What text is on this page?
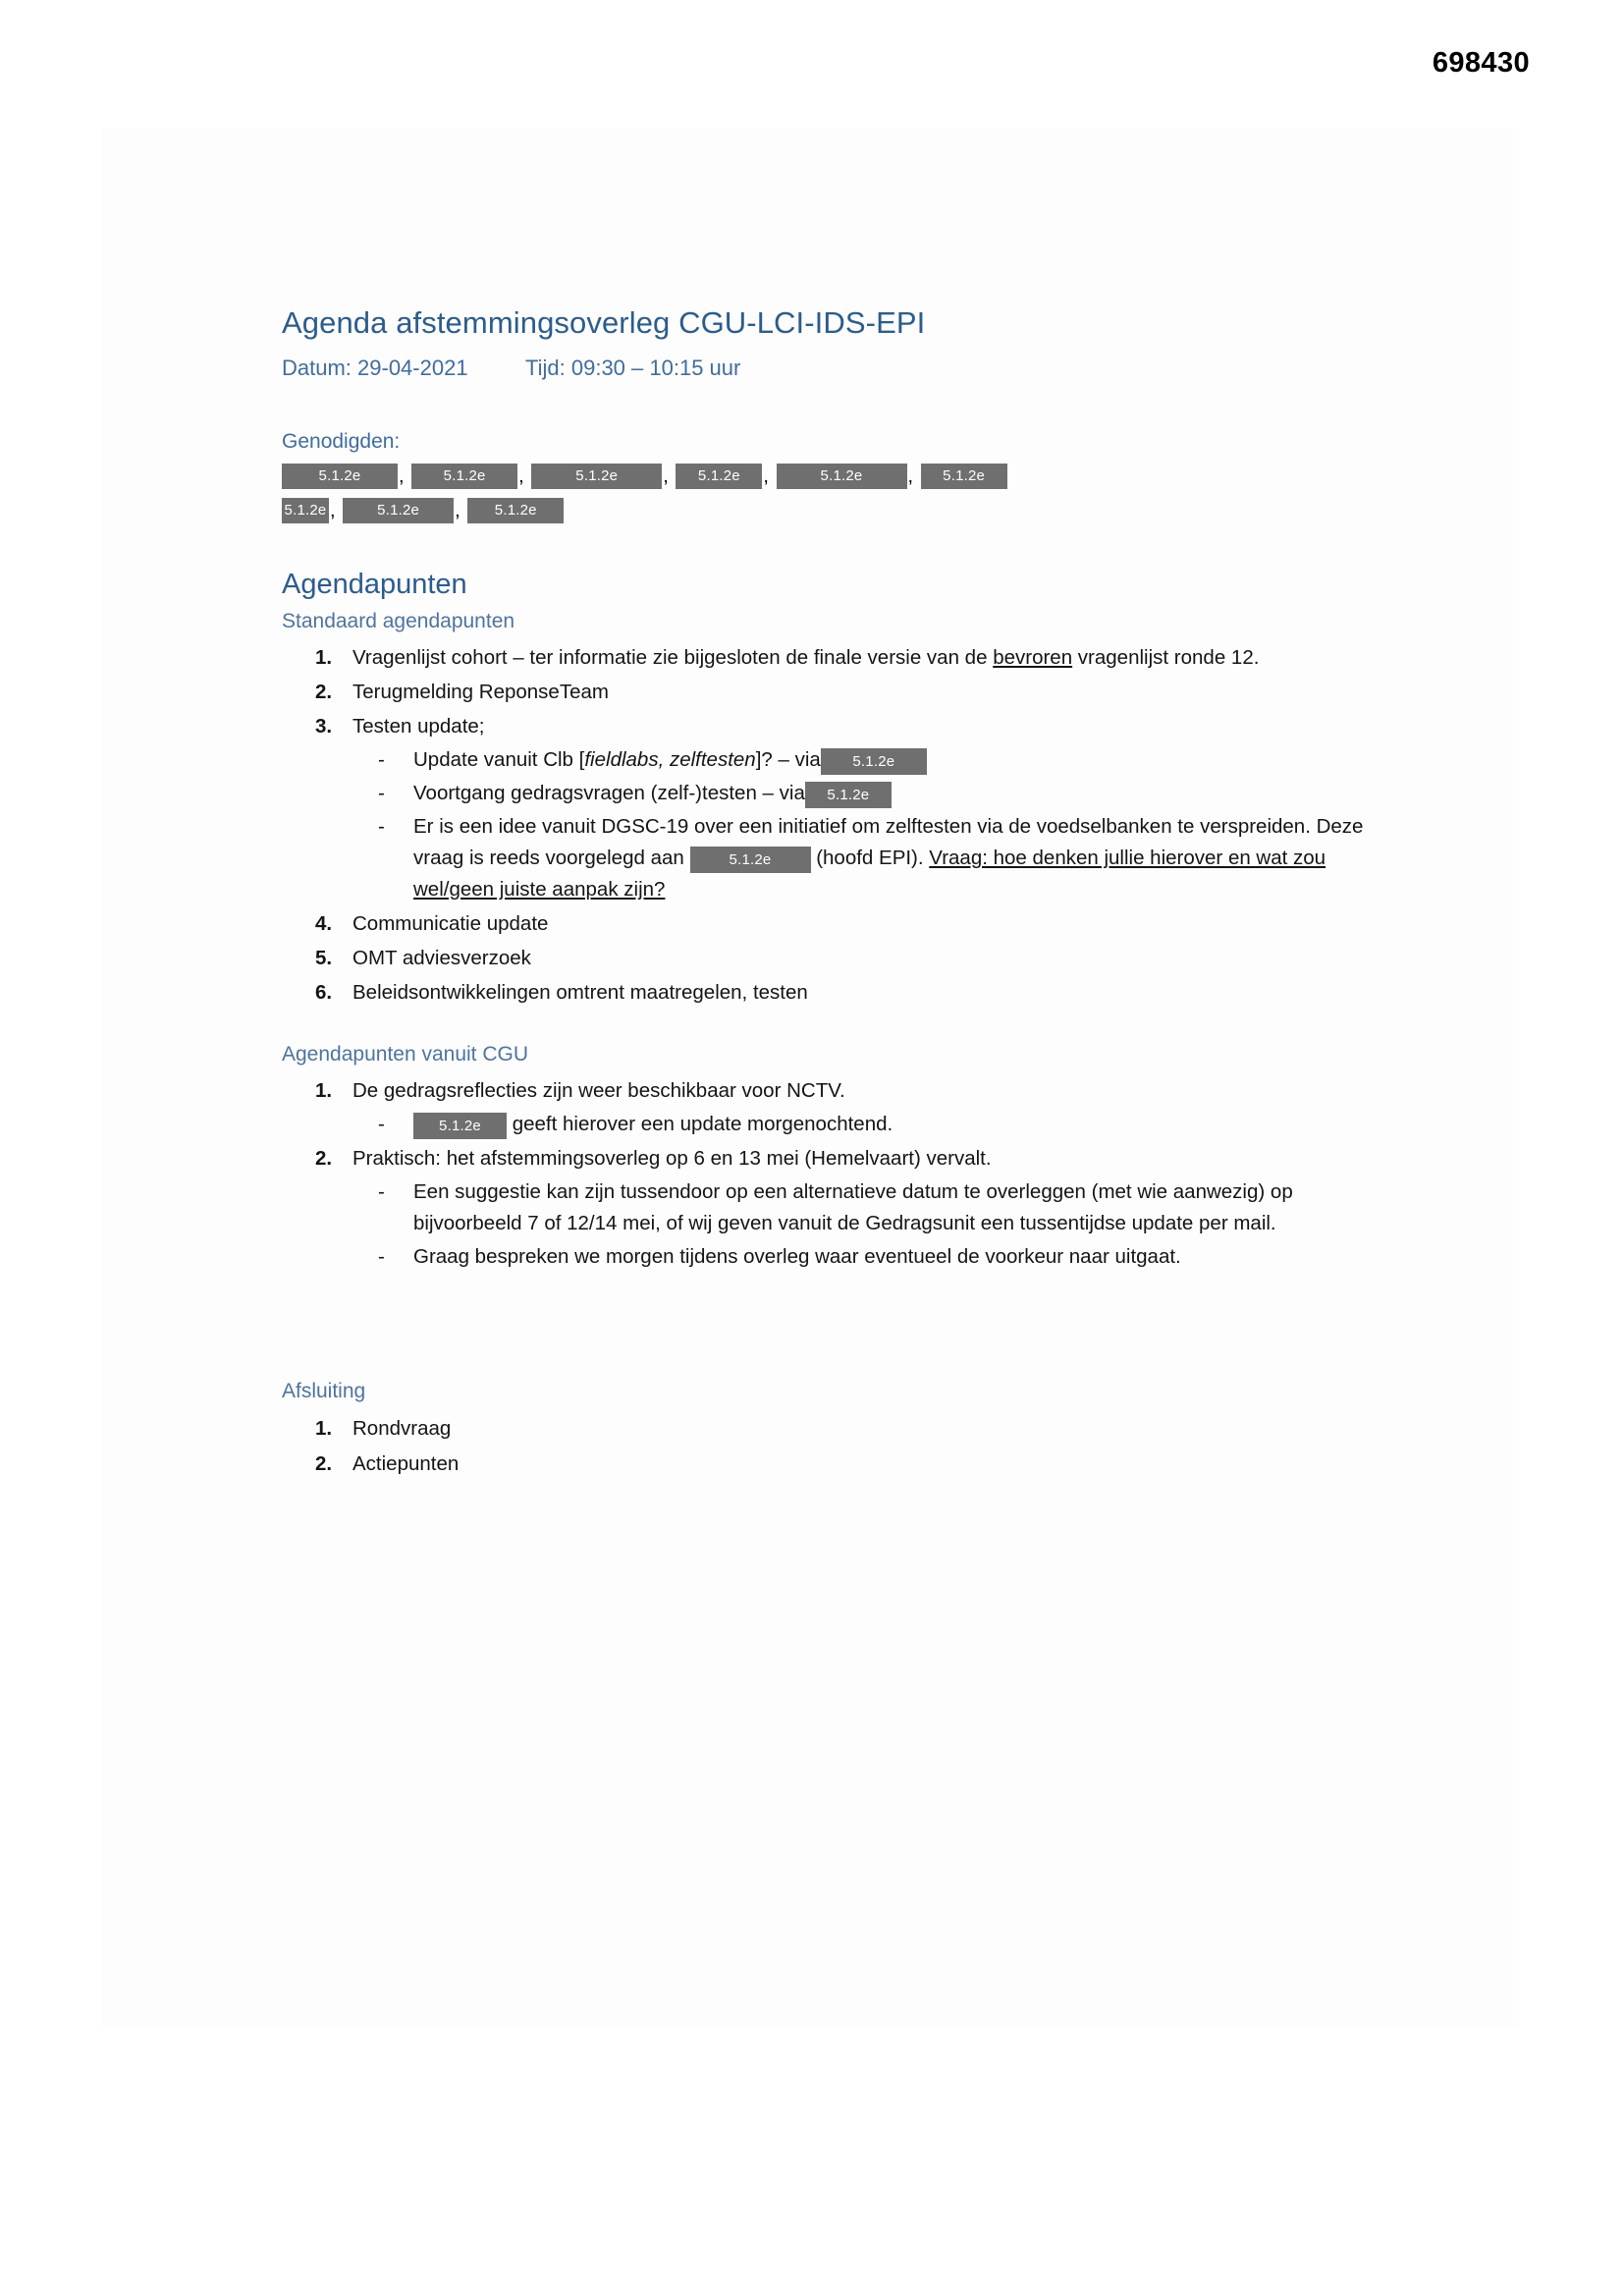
698430
Agenda afstemmingsoverleg CGU-LCI-IDS-EPI

Datum: 29-04-2021	Tijd: 09:30 – 10:15 uur

Genodigden:

5.1.2e ,	5.1.2e ,	5.1.2e , 5.1.2e ,	5.1.2e , 5.1.2e

5.1.2e ,	5.1.2e , 5.1.2e

Agendapunten
Standaard agendapunten
1. Vragenlijst cohort – ter informatie zie bijgesloten de finale versie van de bevroren vragenlijst ronde 12.
2. Terugmelding ReponseTeam
3. Testen update;
- Update vanuit Clb [fieldlabs, zelftesten]? – via 5.1.2e
- Voortgang gedragsvragen (zelf-)testen – via 5.1.2e
- Er is een idee vanuit DGSC-19 over een initiatief om zelftesten via de voedselbanken te verspreiden. Deze vraag is reeds voorgelegd aan	5.1.2e (hoofd EPI). Vraag: hoe denken jullie hierover en wat zou wel/geen juiste aanpak zijn?
4. Communicatie update
5. OMT adviesverzoek
6. Beleidsontwikkelingen omtrent maatregelen, testen
Agendapunten vanuit CGU
1. De gedragsreflecties zijn weer beschikbaar voor NCTV.
-	5.1.2e geeft hierover een update morgenochtend.
2. Praktisch: het afstemmingsoverleg op 6 en 13 mei (Hemelvaart) vervalt.
- Een suggestie kan zijn tussendoor op een alternatieve datum te overleggen (met wie aanwezig) op bijvoorbeeld 7 of 12/14 mei, of wij geven vanuit de Gedragsunit een tussentijdse update per mail.
- Graag bespreken we morgen tijdens overleg waar eventueel de voorkeur naar uitgaat.
Afsluiting
1. Rondvraag
2. Actiepunten
